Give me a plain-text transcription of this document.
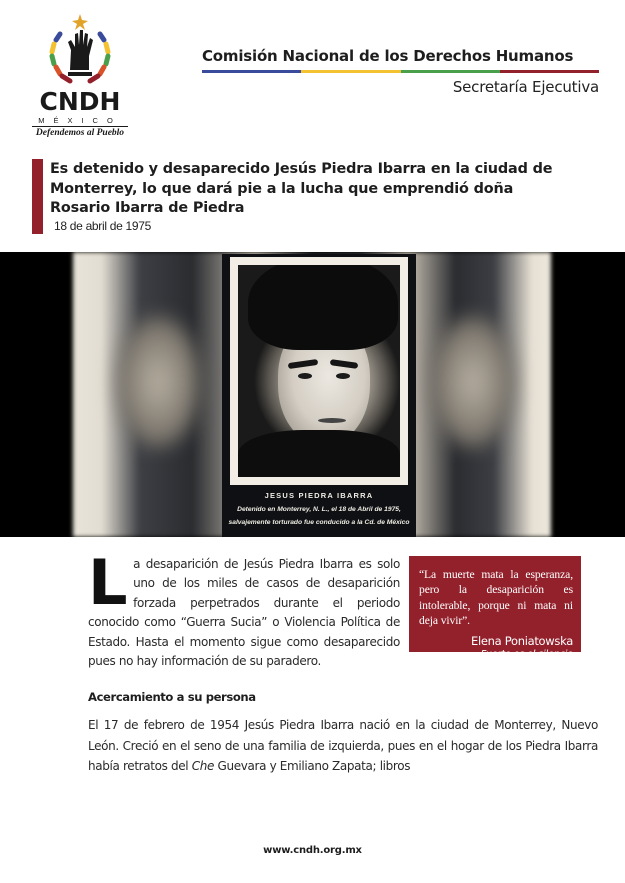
CNDH
MÉXICO
Defendemos al Pueblo
Comisión Nacional de los Derechos Humanos
Secretaría Ejecutiva
Es detenido y desaparecido Jesús Piedra Ibarra en la ciudad de Monterrey, lo que dará pie a la lucha que emprendió doña Rosario Ibarra de Piedra
18 de abril de 1975
JESUS PIEDRA IBARRA
Detenido en Monterrey, N. L., el 18 de Abril de 1975,
salvajemente torturado fue conducido a la Cd. de México

La desaparición de Jesús Piedra Ibarra es solo uno de los miles de casos de desaparición forzada perpetrados durante el periodo conocido como “Guerra Sucia” o Violencia Política de Estado. Hasta el momento sigue como desaparecido pues no hay información de su paradero.

“La muerte mata la esperanza, pero la desaparición es intolerable, porque ni mata ni deja vivir”.
Elena Poniatowska
Fuerte es el silencio
Acercamiento a su persona

El 17 de febrero de 1954 Jesús Piedra Ibarra nació en la ciudad de Monterrey, Nuevo León. Creció en el seno de una familia de izquierda, pues en el hogar de los Piedra Ibarra había retratos del Che Guevara y Emiliano Zapata; libros

www.cndh.org.mx
